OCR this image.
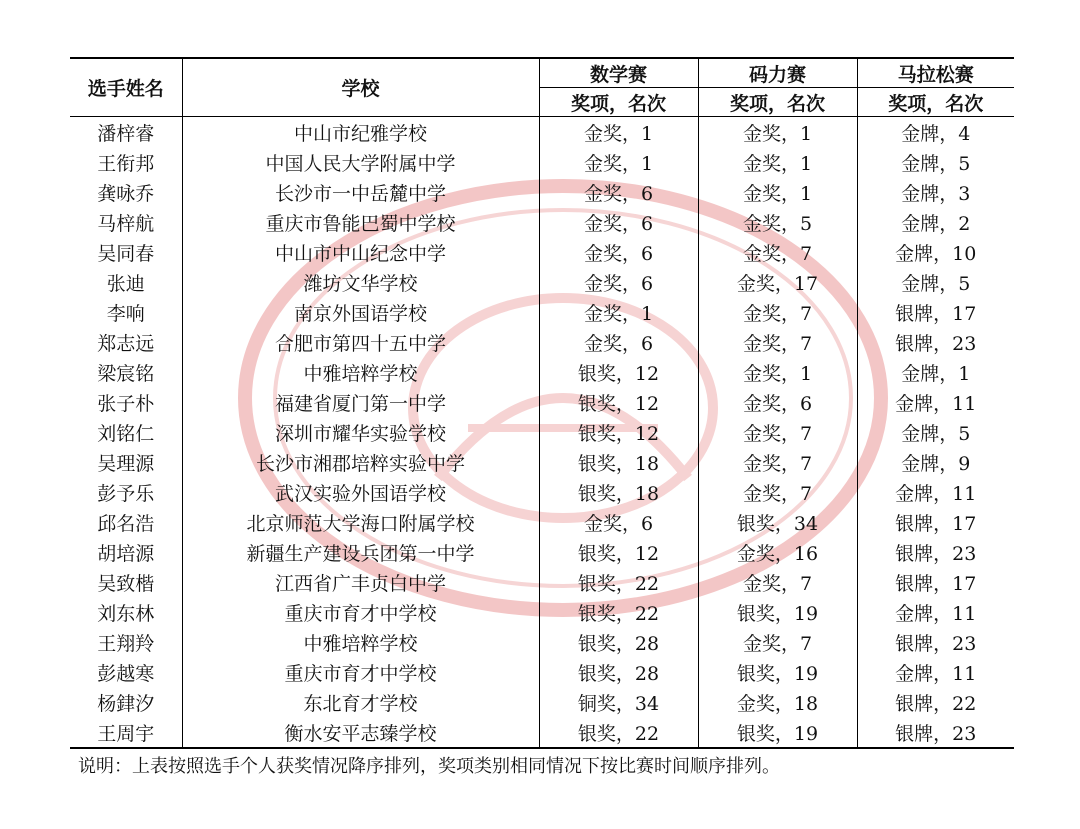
选手姓名	学校	数学赛	码力赛	马拉松赛
		奖项，名次	奖项，名次	奖项，名次
潘梓睿	中山市纪雅学校	金奖，1	金奖，1	金牌，4
王衔邦	中国人民大学附属中学	金奖，1	金奖，1	金牌，5
龚咏乔	长沙市一中岳麓中学	金奖，6	金奖，1	金牌，3
马梓航	重庆市鲁能巴蜀中学校	金奖，6	金奖，5	金牌，2
吴同春	中山市中山纪念中学	金奖，6	金奖，7	金牌，10
张迪	潍坊文华学校	金奖，6	金奖，17	金牌，5
李响	南京外国语学校	金奖，1	金奖，7	银牌，17
郑志远	合肥市第四十五中学	金奖，6	金奖，7	银牌，23
梁宸铭	中雅培粹学校	银奖，12	金奖，1	金牌，1
张子朴	福建省厦门第一中学	银奖，12	金奖，6	金牌，11
刘铭仁	深圳市耀华实验学校	银奖，12	金奖，7	金牌，5
吴理源	长沙市湘郡培粹实验中学	银奖，18	金奖，7	金牌，9
彭予乐	武汉实验外国语学校	银奖，18	金奖，7	金牌，11
邱名浩	北京师范大学海口附属学校	金奖，6	银奖，34	银牌，17
胡培源	新疆生产建设兵团第一中学	银奖，12	金奖，16	银牌，23
吴致楷	江西省广丰贞白中学	银奖，22	金奖，7	银牌，17
刘东林	重庆市育才中学校	银奖，22	银奖，19	金牌，11
王翔羚	中雅培粹学校	银奖，28	金奖，7	银牌，23
彭越寒	重庆市育才中学校	银奖，28	银奖，19	金牌，11
杨銉汐	东北育才学校	铜奖，34	金奖，18	银牌，22
王周宇	衡水安平志臻学校	银奖，22	银奖，19	银牌，23
说明：上表按照选手个人获奖情况降序排列，奖项类别相同情况下按比赛时间顺序排列。
